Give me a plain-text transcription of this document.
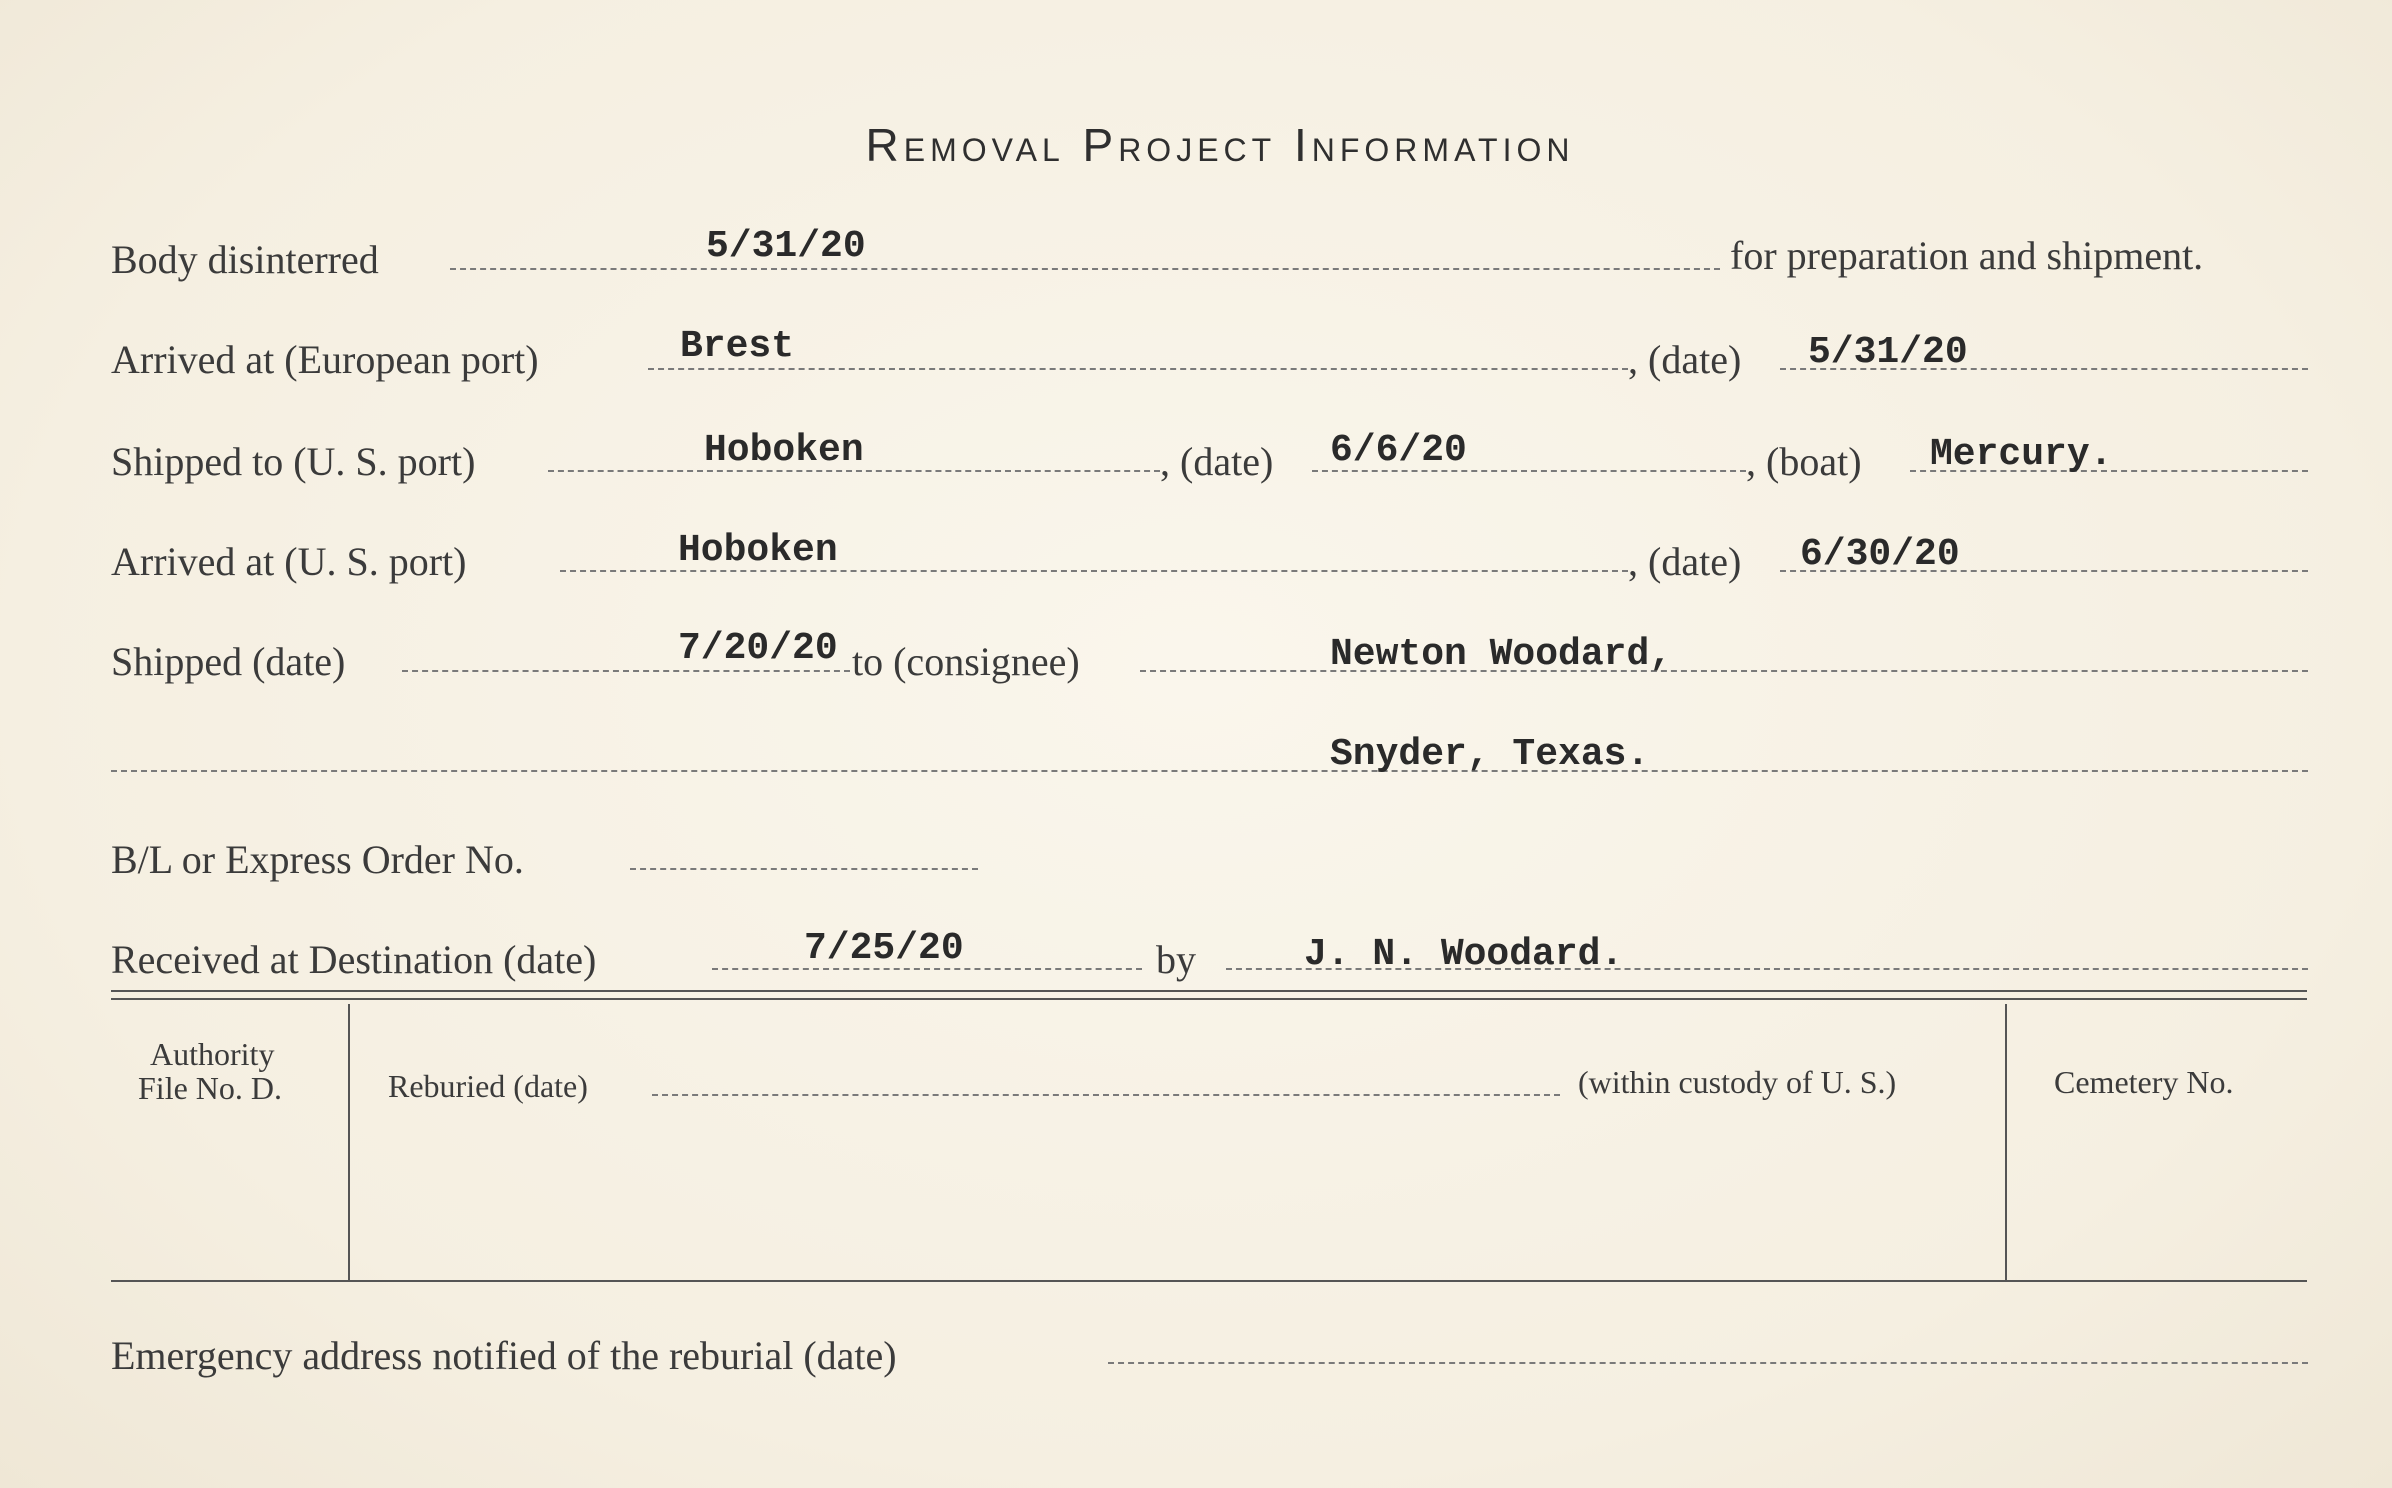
Removal Project Information
Body disinterred	5/31/20	for preparation and shipment.
Arrived at (European port)	Brest	, (date) 5/31/20
Shipped to (U. S. port)	Hoboken	, (date) 6/6/20	, (boat) Mercury.
Arrived at (U. S. port)	Hoboken	, (date) 6/30/20
Shipped (date)	7/20/20 to (consignee)	Newton Woodard,
Snyder, Texas.
B/L or Express Order No.
Received at Destination (date)	7/25/20	by	J. N. Woodard.
Authority
File No. D.	Reburied (date)	(within custody of U. S.)	Cemetery No.
Emergency address notified of the reburial (date)
